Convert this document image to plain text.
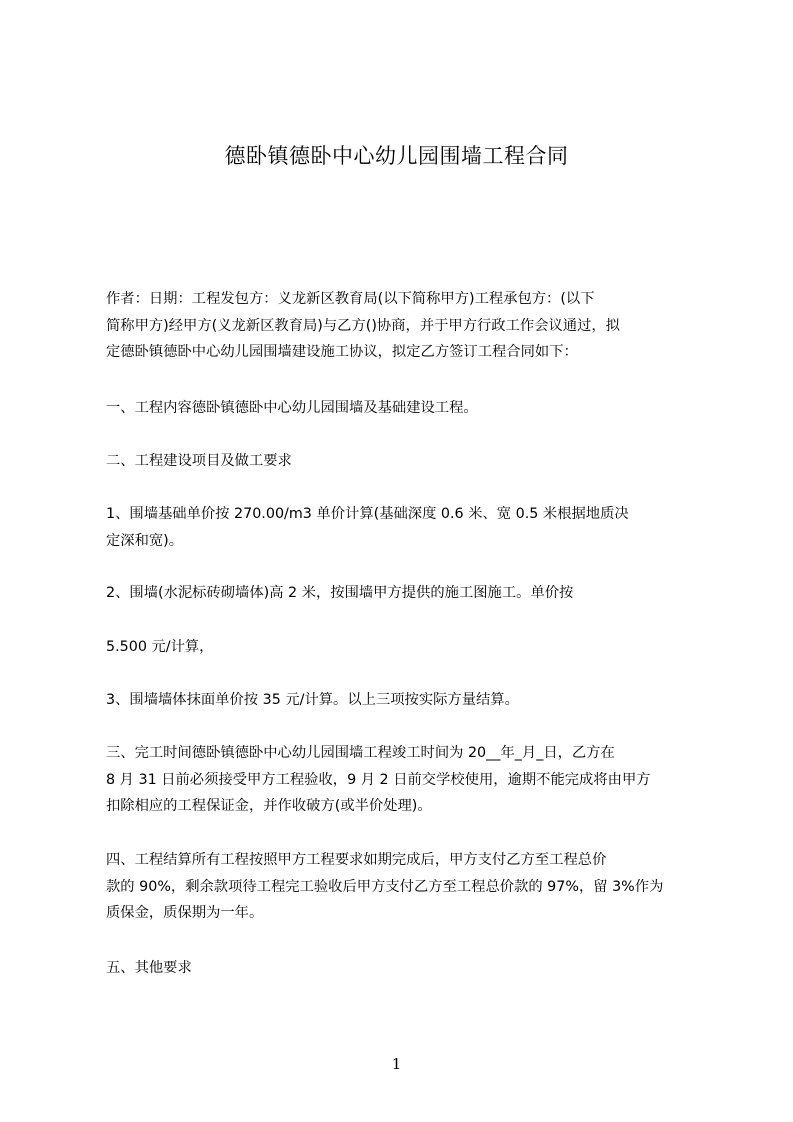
德卧镇德卧中心幼儿园围墙工程合同
作者：日期：工程发包方：义龙新区教育局(以下简称甲方)工程承包方：(以下
简称甲方)经甲方(义龙新区教育局)与乙方()协商，并于甲方行政工作会议通过，拟
定德卧镇德卧中心幼儿园围墙建设施工协议，拟定乙方签订工程合同如下：
一、工程内容德卧镇德卧中心幼儿园围墙及基础建设工程。
二、工程建设项目及做工要求
1、围墙基础单价按 270.00/m3 单价计算(基础深度 0.6 米、宽 0.5 米根据地质决
定深和宽)。
2、围墙(水泥标砖砌墙体)高 2 米，按围墙甲方提供的施工图施工。单价按
5.500 元/计算，
3、围墙墙体抹面单价按 35 元/计算。以上三项按实际方量结算。
三、完工时间德卧镇德卧中心幼儿园围墙工程竣工时间为 20__年_月_日，乙方在
8 月 31 日前必须接受甲方工程验收，9 月 2 日前交学校使用，逾期不能完成将由甲方
扣除相应的工程保证金，并作收破方(或半价处理)。
四、工程结算所有工程按照甲方工程要求如期完成后，甲方支付乙方至工程总价
款的 90%，剩余款项待工程完工验收后甲方支付乙方至工程总价款的 97%，留 3%作为
质保金，质保期为一年。
五、其他要求
1
